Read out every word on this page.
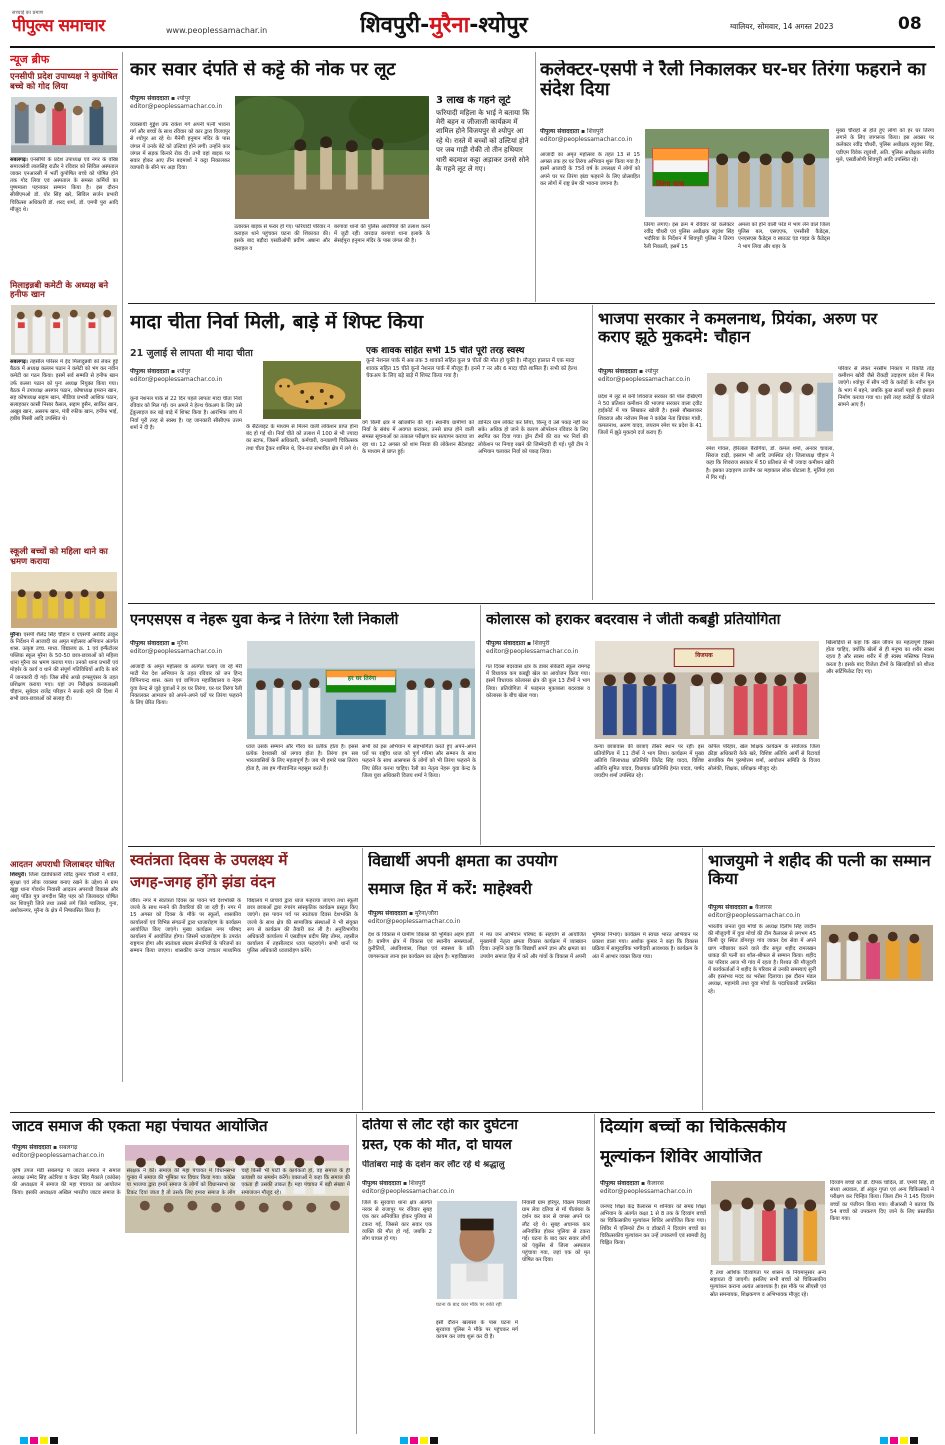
सच्चाई का प्रमाण
पीपुल्स समाचार	www.peoplessamachar.in	शिवपुरी-मुरैना-श्योपुर	ग्वालियर, सोमवार, 14 अगस्त 2023	08
न्यूज ब्रीफ
एनसीपी प्रदेश उपाध्यक्ष ने कुपोषित बच्चे को गोद लिया
सबलगढ़। एनसीपी के प्रदेश उपाध्यक्ष एवं नगर के वरिष्ठ समाजसेवी लालसिंह राठौर ने रविवार को सिविल अस्पताल जाकर एनआरसी में भर्ती कुपोषित बच्चे को पोषित होने तक गोद लिया एवं अस्पताल के समस्त कर्मियों का पुष्पमाला पहनाकर सम्मान किया है। इस दौरान सीबीएमओ डॉ. योर सिंह खरे, सिविल सर्जन प्रभारी चिकित्सा अधिकारी डॉ. शरद शर्मा, डॉ. एमपी पुरा आदि मौजूद थे।
मिलाइन्नबी कमेटी के अध्यक्ष बने हनीफ खान
सबलगढ़। तहसील परिसर में ईद मिलादुन्नबी को लेकर हुई बैठक में अध्यक्ष कल्लन पठान ने कमेटी को भंग कर नवीन कमेटी का गठन किया। इसमें सर्व सम्मति से हनीफ खान उर्फ कल्ला पठान को पुनः अध्यक्ष नियुक्त किया गया। बैठक में उपाध्यक्ष असगार पठान, कोषाध्यक्ष इमरान खान, सह कोषाध्यक्ष सद्दाम खान, मीडिया प्रभारी आशिक पठान, सलाहकार कासी निसार कैसल, सद्दाम हुसैन, साकिर खान, अखूब खान, असरफ खान, मंत्री रफीक खान, हनीफ भाई, हबीब मिस्त्री आदि उपस्थित थे।
स्कूली बच्चों को महिला थाने का भ्रमण कराया
मुरैना। एसपी शैलेंद्र सिंह चौहान व एएसपी अरविंद ठाकुर के निर्देशन में आजादी का अमृत महोत्सव अभियान अंतर्गत शास. उत्कृष्ट उच्च. माध्य. विद्यालय क्र. 1 एवं इन्फैंटोलर पब्लिक स्कूल मुरैना के 50-50 छात्र-छात्राओं को महिला थाना मुरैना का भ्रमण कराया गया। उनको थाना प्रभारी एवं मोहर्रर के कार्य व थाने की संपूर्ण गतिविधियों आदि के बारे में जानकारी दी गई। जिस सीधे अच्छे इन्फ्लुएंसर के तहत प्रशिक्षण कराया गया। यहां उप निरीक्षक कनकलक्ष्मी चौहान, सूबेदार राजेंद्र परिहार ने सतर्क रहने की दिशा में सभी छात्र-छात्राओं को सलाह दी।
आदतन अपराधी जिलाबदर घोषित
शिवपुरी। जिला दंडाधिकारी रवींद्र कुमार चौधरी ने शांति, सुरक्षा एवं लोक व्यवस्था बनाए रखने के उद्देश्य से ग्राम खुड्डा थाना गोवर्धन निवासी आदतन अपराधी विकास और आशु पंडित पुत्र जगदीश सिंह पहर को जिलाबदर घोषित कर शिवपुरी जिले तथा उससे लगे जिले ग्वालियर, गुना, अशोकनगर, मुरैना के क्षेत्र में निष्कासित किया है।
कार सवार दंपति से कट्टे की नोक पर लूट
पीपुल्स संवाददाता ▪ श्योपुर
editor@peoplessamachar.co.in
व्यवसायी गुड्डेश उर्फ राकेश गर्ग अपनी पत्नी भावना गर्ग और बच्चों के साथ रविवार को कार द्वारा विजयपुर से श्योपुर आ रहे थे। मैनेगी हनुमान मंदिर के पास जंगल में उनके बेटे को उल्टियां होने लगीं। उन्होंने कार जंगल में सड़क किनारे रोक दी। तभी वहां बाइक पर सवार होकर आए तीन बदमाशों ने कट्टा निकालकर व्यापारी के सीने पर अड़ा दिया।
उतारकर बाइक से फरार हो गए। फरियादी परिवार ने कराहल थाने पहुंचकर घटना की शिकायत की। इसके बाद बड़ौदा एसडीओपी प्रवीण अष्ठाना और कराहल व
बरगावां थानों की पुलिस आरोपियों की तलाश करने में जुटी रहीं। वारदात बरगावां थाना इलाके के सेसईपुरा हनुमान मंदिर के पास जंगल की है।
3 लाख के गहने लूटे
फरियादी महिला के भाई ने बताया कि मेरी बहन व जीजाजी कार्यक्रम में शामिल होने विजयपुर से श्योपुर आ रहे थे। रास्ते में बच्चों को उल्टियां होने पर जब गाड़ी रोकी तो तीन हथियार धारी बदमाश कट्टा अड़ाकर उनसे सोने के गहने लूट ले गए।
कलेक्टर-एसपी ने रैली निकालकर घर-घर तिरंगा फहराने का संदेश दिया
पीपुल्स संवाददाता ▪ शिवपुरी
editor@peoplessamachar.co.in
आजादी का अमृत महोत्सव के तहत 13 से 15 अगस्त तक हर घर तिरंगा अभियान शुरू किया गया है। इसमें आजादी के 75वें वर्ष के उपलक्ष्य में लोगों को अपने घर पर तिरंगा झंडा फहराने के लिए प्रोत्साहित कर लोगों में राष्ट्र प्रेम की भावना जगाना है।	तिरंगा यात्रा
तिरंगा लगाएं। इस क्रम में रविवार को कलेक्टर रवींद्र चौधरी एवं पुलिस अधीक्षक रघुवंश सिंह भदौरिया के निर्देशन में शिवपुरी पुलिस ने तिरंगा रैली निकाली, इसमें 15
अमला को होने वाली परेड में भाग लेने वाले जिला पुलिस बल, एसएएफ, एनसीसी कैडेट्स, एनएसएस कैडेट्स व स्काउट एंड गाइड के कैडेट्स ने भाग लिया और शहर के
मुख्य चौराहों से होते हुए लोगों को हर घर तिरंगा लगाने के लिए जागरूक किया। इस अवसर पर कलेक्टर रवींद्र चौधरी, पुलिस अधीक्षक रघुवंश सिंह, एडीएम विवेक रघुवंशी, अति. पुलिस अधीक्षक संजीव मुले, एसडीओपी शिवपुरी आदि उपस्थित रहे।
मादा चीता निर्वा मिली, बाड़े में शिफ्ट किया
21 जुलाई से लापता थी मादा चीता
पीपुल्स संवाददाता ▪ श्योपुर
editor@peoplessamachar.co.in
एक शावक सहित सभी 15 चीते पूरी तरह स्वस्थ
कूनो नेशनल पार्क में अब तक 3 शावकों सहित कुल 9 चीतों की मौत हो चुकी है। मौजूदा हालात में एक मादा शावक सहित 15 चीते कूनो नेशनल पार्क में मौजूद हैं। इनमें 7 नर और 6 मादा चीते शामिल हैं। सभी को हेल्थ चेकअप के लिए बड़े बाड़े में शिफ्ट किया गया है।
कूनो नेशनल पार्क से 22 दिन पहले लापता मादा चीता निर्वा रविवार को मिल गई। वन अमले ने हेल्थ चेकअप के लिए उसे ट्रेंकुलाइज कर बड़े बाड़े में शिफ्ट किया है। आरंभिक जांच में निर्वा पूरी तरह से स्वस्थ है। यह जानकारी सीसीएफ उत्तम शर्मा ने दी है।	के सैटेलाइट के माध्यम से मिलने वाली लोकेशन प्राप्त होना बंद हो गई थी। निर्वा चीते को तलाश में 100 से भी ज्यादा का स्टाफ, जिसमें अधिकारी, कर्मचारी, वन्यप्राणी चिकित्सक तथा चीता ट्रैकर शामिल थे, दिन-रात संभावित क्षेत्र में लगे थे।
वर्ग किमी क्षेत्र में खोजबीन की गई। स्थानीय ग्रामीणों को निर्वा के संबंध में अवगत कराकर, उनसे प्राप्त होने वाली समस्त सूचनाओं का तत्काल परीक्षण कर सत्यापन कराया जा रहा था। 12 अगस्त को शाम निरवा की लोकेशन सैटेलाइट के माध्यम से प्राप्त हुई।
डानिटर ग्राम लोकेट कर लिया, किन्तु वे उसे पकड़ नहीं कर सके। अधिक हो जाने के कारण ऑपरेशन रविवार के लिए स्थगित कर दिया गया। ड्रोन टीमों की रात भर निर्वा की लोकेशन पर निगाह रखने की जिम्मेदारी दी गई। पूरी टीम ने अभियान चलाकर निर्वा को पकड़ लिया।
भाजपा सरकार ने कमलनाथ, प्रियंका, अरुण पर कराए झूठे मुकदमे: चौहान
पीपुल्स संवाददाता ▪ श्योपुर
editor@peoplessamachar.co.in
प्रदेश में लूट से बनी शिवराज सरकार की पोल देखिएगी ने 50 प्रतिशत कमीशन की भाजपा सरकार वाला ट्वीट हाईकोर्ट में पत्र लिखकर खोली है। इससे बौखलाकर शिवराज और नरोत्तम मिश्रा ने कांग्रेस नेता प्रियंका गांधी, कमलनाथ, अरुण यादव, जयराम रमेश पर प्रदेश के 41 जिलों में झूठे मुकदमे दर्ज कराए हैं।
रमेश गोयल, हीरेलाल बैरागिया, डॉ. कमल शर्मा, अनवर चावला, सिराज दाढ़ी, इस्लाम भी आदि उपस्थित रहे। जिलाध्यक्ष चौहान ने कहा कि शिवराज सरकार में 50 प्रतिशत से भी ज्यादा कमीशन खोरी है। इसका उदाहरण उज्जैन का महाकाल लोक घोटाला है, मूर्तियां हवा में गिर गईं।
परिवार से लेकर नरसीम निकाय में रिकॉर्ड तोड़ कमीशन खोरी जैसे रीकड़ी उदाहरण प्रदेश में मिल जाएंगे। श्योपुर में सीप नदी के करोड़ों के नवीन पुल के भाग में बहने, जबकि कुछ सालों पहले ही इसका निर्माण कराया गया था। इसी तरह करोड़ों के घोटाले सामने आए हैं।
एनएसएस व नेहरू युवा केन्द्र ने तिरंगा रैली निकाली
पीपुल्स संवाददाता ▪ मुरैना
editor@peoplessamachar.co.in
हर घर तिरंगा
आजादी के अमृत महोत्सव के अंतर्गत चलाए जा रहे मेरी माटी मेरा देश अभियान के तहत रविवार को जन हिन्द विपिनचन्द्र शास. कला एवं वाणिज्य महाविद्यालय व नेहरू युवा केन्द्र से जुड़े युवाओं ने हर घर तिरंगा, घर-घर तिरंगा रैली निकालकर आमजन को अपने-अपने घरों पर तिरंगा फहराने के लिए प्रेरित किया।
ध्वज उसके सम्मान और गौरव का प्रतीक होता है। इससे प्रत्येक देशवासी को लगाव होता है। तिरंगा हम सब भारतवासियों के लिए महत्वपूर्ण है। जब भी हमारे पास तिरंगा होता है, तब हम गौरवान्वित महसूस करते हैं।
सभी को इस अभियान में सहभागिता करते हुए अपने-अपने घरों पर राष्ट्रीय ध्वज को पूर्ण गरिमा और सम्मान के साथ फहराने के साथ आसपास के लोगों को भी तिरंगा फहराने के लिए प्रेरित करना चाहिए। रैली का नेतृत्व नेहरू युवा केन्द्र के जिला युवा अधिकारी विजय शर्मा ने किया।
कोलारस को हराकर बदरवास ने जीती कबड्डी प्रतियोगिता
पीपुल्स संवाददाता ▪ शिवपुरी
editor@peoplessamachar.co.in
गत दिवस बदरवास क्षेत्र के डाबर सेकेंडरी स्कूल रामगढ़ में विधायक कप कबड्डी खेल का आयोजन किया गया। इसमें विधायक कोलारस क्षेत्र की कुल 13 टीमों ने भाग लिया। प्रतियोगिता में फाइनल मुकाबला बदरवास व कोलारस के बीच खेला गया।
विजयक
कन्या छात्रावास की छात्राएं तीसरे स्थान पर रहीं। इस प्रतियोगिता में 11 टीमों ने भाग लिया। कार्यक्रम में मुख्य अतिथि जिलाध्यक्ष प्रतिनिधि जितेंद्र सिंह यादव, विशिष्ट अतिथि सुमित यादव, विधायक प्रतिनिधि हेमंत यादव, पार्षद जयदीप शर्मा उपस्थित रहे।
कपिल परिहार, खेल शिक्षक कार्यक्रम के संयोजक जिला क्रीड़ा अधिकारी केके खरे, विशिष्ट अतिथि आर्मी से रिटायर्ड सायबिक मैम पुरुषोत्तम शर्मा, आयोजन समिति के विजय सोलंकी, शिक्षक, प्रशिक्षक मौजूद रहे।
खिलाड़ियों से कहा कि खेल जीवन का महत्वपूर्ण हिस्सा होता चाहिए, क्योंकि खेलों से ही मनुष्य का शरीर स्वस्थ रहता है और स्वस्थ शरीर में ही स्वस्थ मस्तिष्क निवास करता है। इसके बाद विजेता टीमों के खिलाड़ियों को शील्ड और सर्टिफिकेट दिए गए।
स्वतंत्रता दिवस के उपलक्ष्य में
जगह-जगह होंगे झंडा वंदन
जौरा। नगर में स्वतंत्रता दिवस का पावन पर्व देशभक्ति के जज्बे के साथ मनाने की तैयारियां की जा रही हैं। नगर में 15 अगस्त को दिवस के मौके पर स्कूलों, शासकीय कार्यालयों एवं विभिन्न संगठनों द्वारा ध्वजारोहण के कार्यक्रम आयोजित किए जाएंगे। मुख्य कार्यक्रम नगर परिषद कार्यालय में आयोजित होगा। जिसमें ध्वजारोहण के उपरांत राष्ट्रगान होगा और स्वतंत्रता संग्राम सेनानियों के परिजनों का सम्मान किया जाएगा। शासकीय कन्या उच्चतर माध्यमिक विद्यालय में प्राचार्य द्वारा ध्वज फहराया जाएगा तथा स्कूली छात्र छात्राओं द्वारा रंगारंग सांस्कृतिक कार्यक्रम प्रस्तुत किए जाएंगे। इस पावन पर्व पर स्वतंत्रता दिवस देशभक्ति के जज्बे के साथ क्षेत्र की सामाजिक संस्थाओं ने भी संयुक्त रूप से कार्यक्रम की तैयारी कर ली है। अनुविभागीय अधिकारी कार्यालय में एसडीएम प्रदीप सिंह तोमर, तहसील कार्यालय में तहसीलदार ध्वज फहराएंगे। सभी थानों पर पुलिस अधिकारी ध्वजारोहण करेंगे।
विद्यार्थी अपनी क्षमता का उपयोग
समाज हित में करें: माहेश्वरी
पीपुल्स संवाददाता ▪ मुरैना/जौरा
editor@peoplessamachar.co.in
देश के विकास में ग्रामीण विकास की भूमिका अहम होती है। ग्रामीण क्षेत्र में विकास एवं स्थानीय समस्याओं, कुरीतियों, अंधविश्वास, शिक्षा एवं स्वास्थ्य के प्रति जागरूकता लाना इस कार्यक्रम का उद्देश्य है। महाविद्यालय में मप्र जन अभियान परिषद के सहयोग से आयोजित मुख्यमंत्री नेतृत्व क्षमता विकास कार्यक्रम में व्याख्यान दिया। उन्होंने कहा कि विद्यार्थी अपने ज्ञान और क्षमता का उपयोग समाज हित में करें और गांवों के विकास में अपनी भूमिका निभाएं। कार्यक्रम में स्वच्छ भारत अभियान पर प्रकाश डाला गया। अशोक कुमार ने कहा कि विकास प्रक्रिया में सामुदायिक भागीदारी आवश्यक है। कार्यक्रम के अंत में आभार व्यक्त किया गया।
भाजयुमो ने शहीद की पत्नी का सम्मान किया
पीपुल्स संवाददाता ▪ कैलारस
editor@peoplessamachar.co.in
भारतीय जनता युवा मोर्चा के अध्यक्ष दिलीप सिंह जादौन की मौजूदगी में युवा मोर्चा की टीम कैलारस से लगभग 45 किमी दूर स्थित डोंगरपुर गांव जाकर देश सेवा में अपने प्राण न्यौछावर करने वाले वीर सपूत शहीद रामलखन धाकड़ की पत्नी का शॉल-श्रीफल से सम्मान किया। शहीद का परिवार आज भी गांव में रहता है। रिश्वत की मौजूदगी में कार्यकर्ताओं ने शहीद के परिवार से उनकी समस्याएं सुनीं और हरसंभव मदद का भरोसा दिलाया। इस दौरान मंडल अध्यक्ष, महामंत्री तथा युवा मोर्चा के पदाधिकारी उपस्थित रहे।
जाटव समाज की एकता महा पंचायत आयोजित
पीपुल्स संवाददाता ▪ सबलगढ़
editor@peoplessamachar.co.in
कृषि उपज मंडी सबलगढ़ में जाटव समाज ने समाज अध्यक्ष उम्मेद सिंह अटेरिया व केदार सिंह मैकाले (कांग्रेस) की अध्यक्षता में समाज की महा पंचायत का आयोजन किया। इसकी अध्यक्षता अखिल भारतीय जाटव समाज के संरक्षक ने की। समाज की महा पंचायत में विधानसभा चुनाव में समाज की भूमिका पर विचार किया गया। कांग्रेस या भाजपा द्वारा हमारे समाज के लोगों को विधानसभा का टिकट दिया जाता है तो उसके लिए हमारा समाज के लोग चाहे किसी भी पार्टी के कार्यकर्ता हों, वह समाज के ही प्रत्याशी का समर्थन करेंगे। वक्ताओं ने कहा कि समाज की एकता ही उसकी ताकत है। महा पंचायत में बड़ी संख्या में समाजजन मौजूद रहे।
दतिया से लौट रही कार दुर्घटना
ग्रस्त, एक की मौत, दो घायल
पीतांबरा माई के दर्शन कर लौट रहे थे श्रद्धालु
पीपुल्स संवाददाता ▪ शिवपुरी
editor@peoplessamachar.co.in
घटना के बाद कार मौके पर रुकी रही
जिले के सुरवाया थाना क्षेत्र अंतर्गत नरवर से राजापुर पर रविवार सुबह एक कार अनियंत्रित होकर पुलिया से टकरा गई, जिससे कार सवार एक व्यक्ति की मौत हो गई, जबकि 2 लोग घायल हो गए।
निवासी ग्राम हरिपुर, विक्रम निवासी ग्राम लेवा दतिया से माँ पीतांबरा के दर्शन कर कार से वापस अपने घर लौट रहे थे। सुबह अचानक कार अनियंत्रित होकर पुलिया से टकरा गई। घटना के बाद कार सवार लोगों को एंबुलेंस से जिला अस्पताल पहुंचाया गया, जहां एक को मृत घोषित कर दिया।
इसी दौरान खलासा के पास घटना में सुरवाया पुलिस ने मौके पर पहुंचकर मर्ग कायम कर जांच शुरू कर दी है।
दिव्यांग बच्चों का चिकित्सकीय
मूल्यांकन शिविर आयोजित
पीपुल्स संवाददाता ▪ कैलारस
editor@peoplessamachar.co.in
जनपद शिक्षा केंद्र कैलारस में शनिवार को समग्र शिक्षा अभियान के अंतर्गत कक्षा 1 से 8 तक के दिव्यांग बच्चों का चिकित्सकीय मूल्यांकन शिविर आयोजित किया गया। शिविर में एलिम्को टीम व डॉक्टरों ने दिव्यांग बच्चों का चिकित्सकीय मूल्यांकन कर उन्हें उपकरणों एवं सामग्री हेतु चिह्नित किया।
है तथा आंशिक दिव्यांगता पर शासन के नियमानुसार अन्य सहायता दी जाएगी। इसलिए सभी बच्चों को चिकित्सकीय मूल्यांकन कराना अत्यंत आवश्यक है। इस मौके पर सीएसी एवं स्रोत समन्वयक, शिक्षकगण व अभिभावक मौजूद रहे।
दिव्यांग बच्चों को डॉ. दीपक चांदिल, डॉ. एमपी सिंह, डॉ संध्या अग्रवाल, डॉ अंकुर गुप्ता एवं अन्य चिकित्सकों ने परीक्षण कर चिन्हित किया। जिला टीम ने 145 दिव्यांग बच्चों का पंजीयन किया गया। बीआरसी ने बताया कि 54 बच्चों को उपकरण दिए जाने के लिए प्रस्तावित किया गया।
